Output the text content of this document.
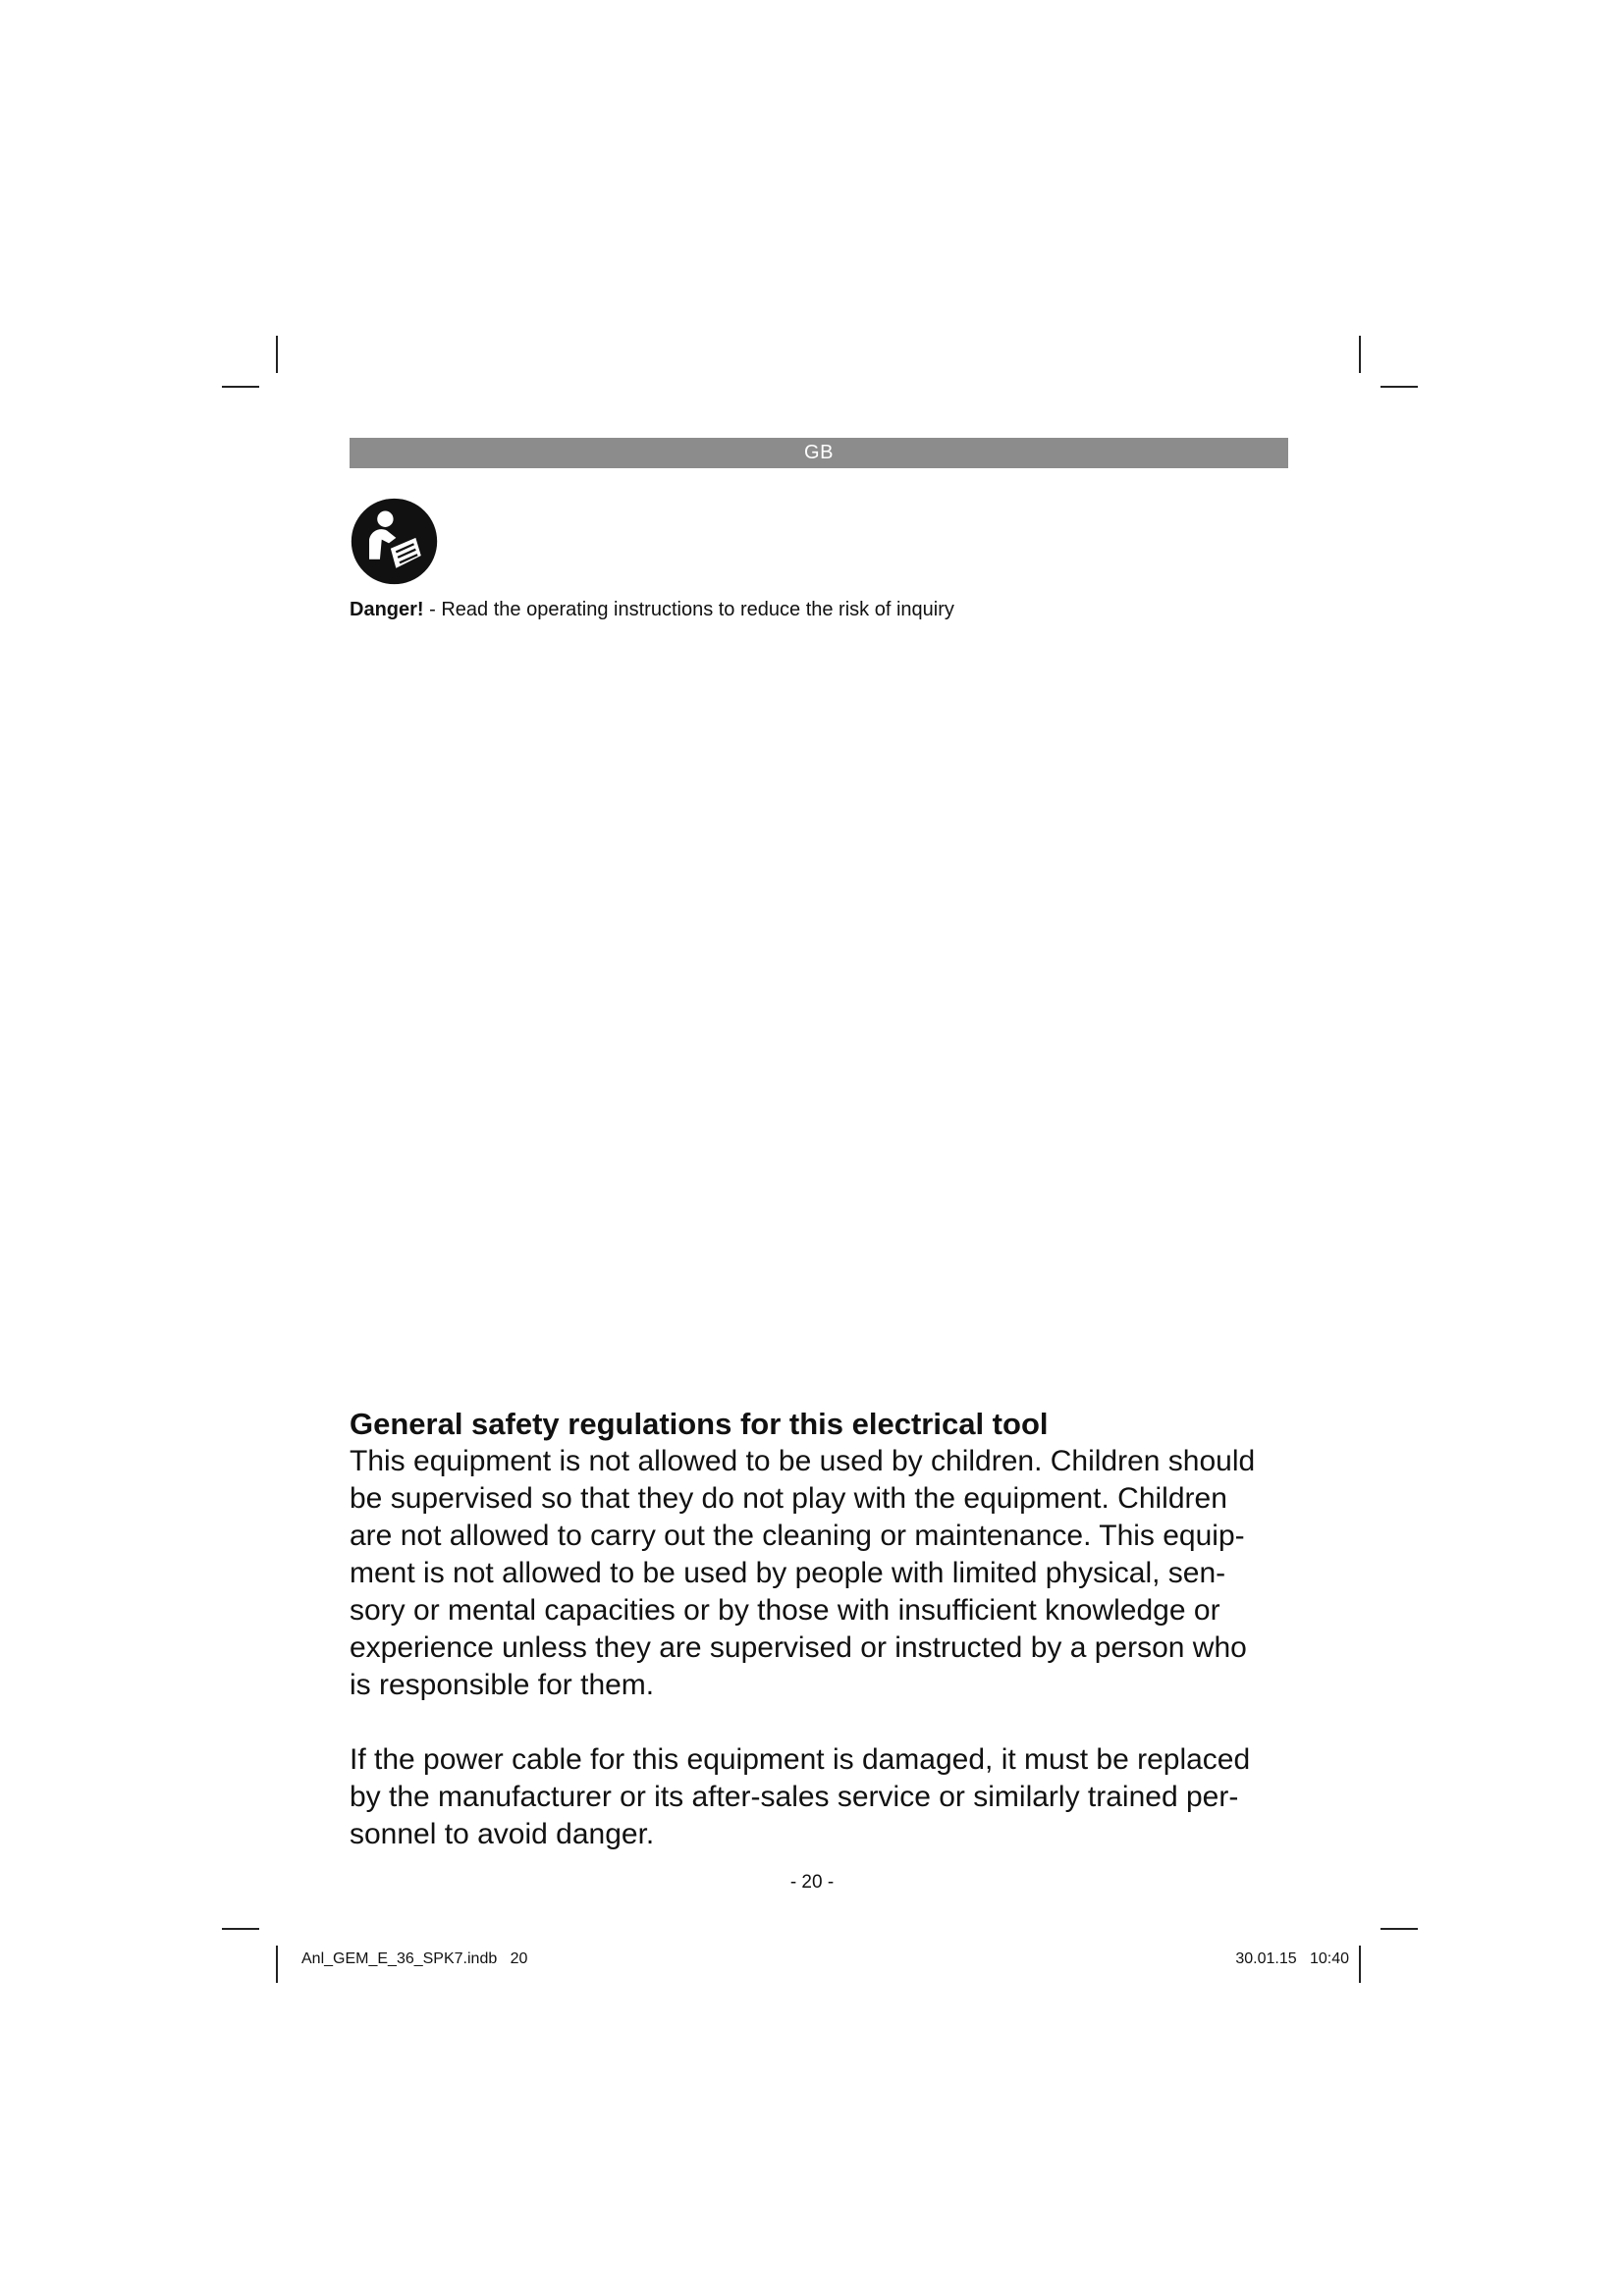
GB
Danger! - Read the operating instructions to reduce the risk of inquiry

General safety regulations for this electrical tool

This equipment is not allowed to be used by children. Children should

be supervised so that they do not play with the equipment. Children

are not allowed to carry out the cleaning or maintenance. This equip-

ment is not allowed to be used by people with limited physical, sen-

sory or mental capacities or by those with insufficient knowledge or

experience unless they are supervised or instructed by a person who

is responsible for them.

If the power cable for this equipment is damaged, it must be replaced

by the manufacturer or its after-sales service or similarly trained per-

sonnel to avoid danger.

- 20 -
Anl_GEM_E_36_SPK7.indb   20	30.01.15   10:40
